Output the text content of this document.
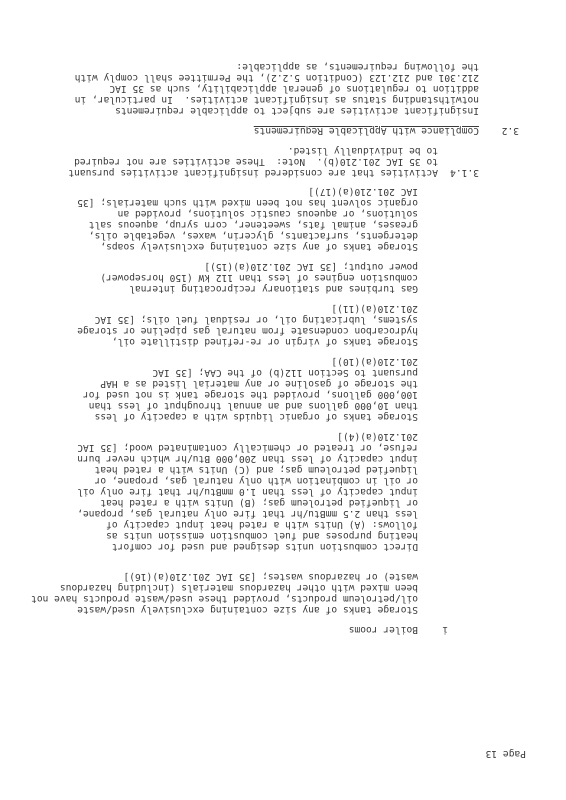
Page 13
i
Boiler rooms
Storage tanks of any size containing exclusively used/waste
oil/petroleum products, provided these used/waste products have not
been mixed with other hazardous materials (including hazardous
waste) or hazardous wastes; [35 IAC 201.210(a)(16)]
Direct combustion units designed and used for comfort
heating purposes and fuel combustion emission units as
follows: (A) Units with a rated heat input capacity of
less than 2.5 mmBtu/hr that fire only natural gas, propane,
or liquefied petroleum gas; (B) Units with a rated heat
input capacity of less than 1.0 mmBtu/hr that fire only oil
or oil in combination with only natural gas, propane, or
liquefied petroleum gas; and (C) Units with a rated heat
input capacity of less than 200,000 Btu/hr which never burn
refuse, or treated or chemically contaminated wood; [35 IAC
201.210(a)(4)]
Storage tanks of organic liquids with a capacity of less
than 10,000 gallons and an annual throughput of less than
100,000 gallons, provided the storage tank is not used for
the storage of gasoline or any material listed as a HAP
pursuant to Section 112(b) of the CAA; [35 IAC
201.210(a)(10)]
Storage tanks of virgin or re-refined distillate oil,
hydrocarbon condensate from natural gas pipeline or storage
systems, lubricating oil, or residual fuel oils; [35 IAC
201.210(a)(11)]
Gas turbines and stationary reciprocating internal
combustion engines of less than 112 kW (150 horsepower)
power output; [35 IAC 201.210(a)(15)]
Storage tanks of any size containing exclusively soaps,
detergents, surfactants, glycerin, waxes, vegetable oils,
greases, animal fats, sweetener, corn syrup, aqueous salt
solutions, or aqueous caustic solutions, provided an
organic solvent has not been mixed with such materials; [35
IAC 201.210(a)(17)]
3.1.4
Activities that are considered insignificant activities pursuant
to 35 IAC 201.210(b).  Note:  These activities are not required
to be individually listed.
3.2
Compliance with Applicable Requirements
Insignificant activities are subject to applicable requirements
notwithstanding status as insignificant activities.  In particular, in
addition to regulations of general applicability, such as 35 IAC
212.301 and 212.123 (Condition 5.2.2), the Permittee shall comply with
the following requirements, as applicable:
